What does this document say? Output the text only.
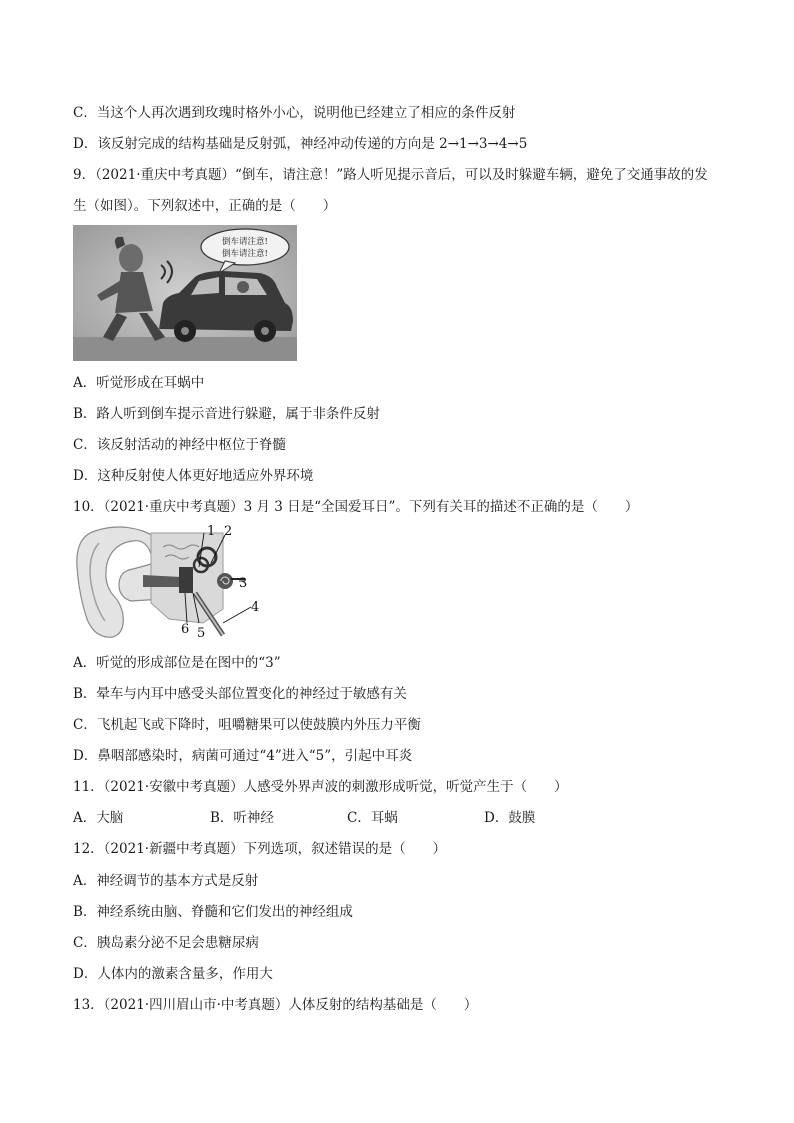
C．当这个人再次遇到玫瑰时格外小心，说明他已经建立了相应的条件反射
D．该反射完成的结构基础是反射弧，神经冲动传递的方向是 2→1→3→4→5
9．（2021·重庆中考真题）“倒车，请注意！”路人听见提示音后，可以及时躲避车辆，避免了交通事故的发
生（如图）。下列叙述中，正确的是（　　）
倒车请注意!
倒车请注意!
A．听觉形成在耳蜗中
B．路人听到倒车提示音进行躲避，属于非条件反射
C．该反射活动的神经中枢位于脊髓
D．这种反射使人体更好地适应外界环境
10．（2021·重庆中考真题）3 月 3 日是“全国爱耳日”。下列有关耳的描述不正确的是（　　）
1 2
3
4
5
6
A．听觉的形成部位是在图中的“3”
B．晕车与内耳中感受头部位置变化的神经过于敏感有关
C．飞机起飞或下降时，咀嚼糖果可以使鼓膜内外压力平衡
D．鼻咽部感染时，病菌可通过“4”进入“5”，引起中耳炎
11．（2021·安徽中考真题）人感受外界声波的刺激形成听觉，听觉产生于（　　）
A．大脑	B．听神经	C．耳蜗	D．鼓膜
12．（2021·新疆中考真题）下列选项，叙述错误的是（　　）
A．神经调节的基本方式是反射
B．神经系统由脑、脊髓和它们发出的神经组成
C．胰岛素分泌不足会患糖尿病
D．人体内的激素含量多，作用大
13．（2021·四川眉山市·中考真题）人体反射的结构基础是（　　）
